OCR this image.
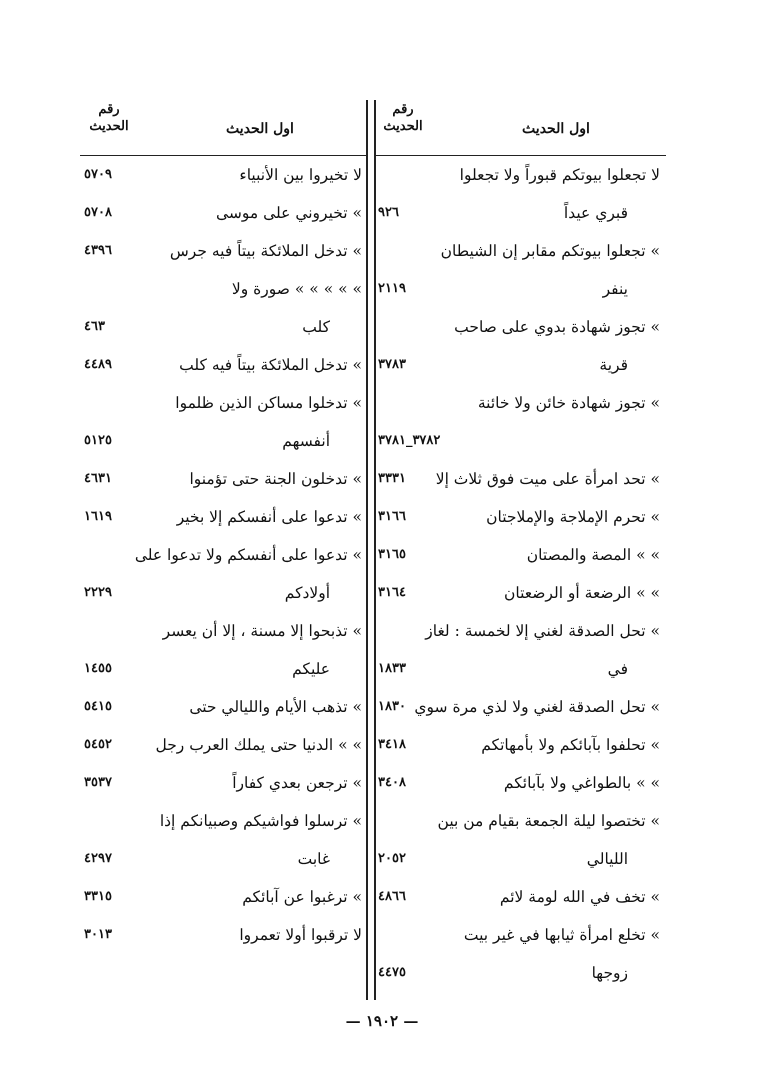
رقم
الحديث	اول الحديث
لا تجعلوا بيوتكم قبوراً ولا تجعلوا
قبري عيداً
٩٢٦
» تجعلوا بيوتكم مقابر إن الشيطان
ينفر
٢١١٩
» تجوز شهادة بدوي على صاحب
قرية
٣٧٨٣
» تجوز شهادة خائن ولا خائنة
٣٧٨٢_٣٧٨١
» تحد امرأة على ميت فوق ثلاث إلا
٣٣٣١
» تحرم الإملاجة والإملاجتان
٣١٦٦
» » المصة والمصتان
٣١٦٥
» » الرضعة أو الرضعتان
٣١٦٤
» تحل الصدقة لغني إلا لخمسة : لغاز
في
١٨٣٣
» تحل الصدقة لغني ولا لذي مرة سوي
١٨٣٠
» تحلفوا بآبائكم ولا بأمهاتكم
٣٤١٨
» » بالطواغي ولا بآبائكم
٣٤٠٨
» تختصوا ليلة الجمعة بقيام من بين
الليالي
٢٠٥٢
» تخف في الله لومة لائم
٤٨٦٦
» تخلع امرأة ثيابها في غير بيت
زوجها
٤٤٧٥
رقم
الحديث	اول الحديث
لا تخيروا بين الأنبياء
٥٧٠٩
» تخيروني على موسى
٥٧٠٨
» تدخل الملائكة بيتاً فيه جرس
٤٣٩٦
» » » » » صورة ولا
كلب
٤٦٣
» تدخل الملائكة بيتاً فيه كلب
٤٤٨٩
» تدخلوا مساكن الذين ظلموا
أنفسهم
٥١٢٥
» تدخلون الجنة حتى تؤمنوا
٤٦٣١
» تدعوا على أنفسكم إلا بخير
١٦١٩
» تدعوا على أنفسكم ولا تدعوا على
أولادكم
٢٢٢٩
» تذبحوا إلا مسنة ، إلا أن يعسر
عليكم
١٤٥٥
» تذهب الأيام والليالي حتى
٥٤١٥
» » الدنيا حتى يملك العرب رجل
٥٤٥٢
» ترجعن بعدي كفاراً
٣٥٣٧
» ترسلوا فواشيكم وصبيانكم إذا
غابت
٤٢٩٧
» ترغبوا عن آبائكم
٣٣١٥
لا ترقبوا أولا تعمروا
٣٠١٣
— ١٩٠٢ —
